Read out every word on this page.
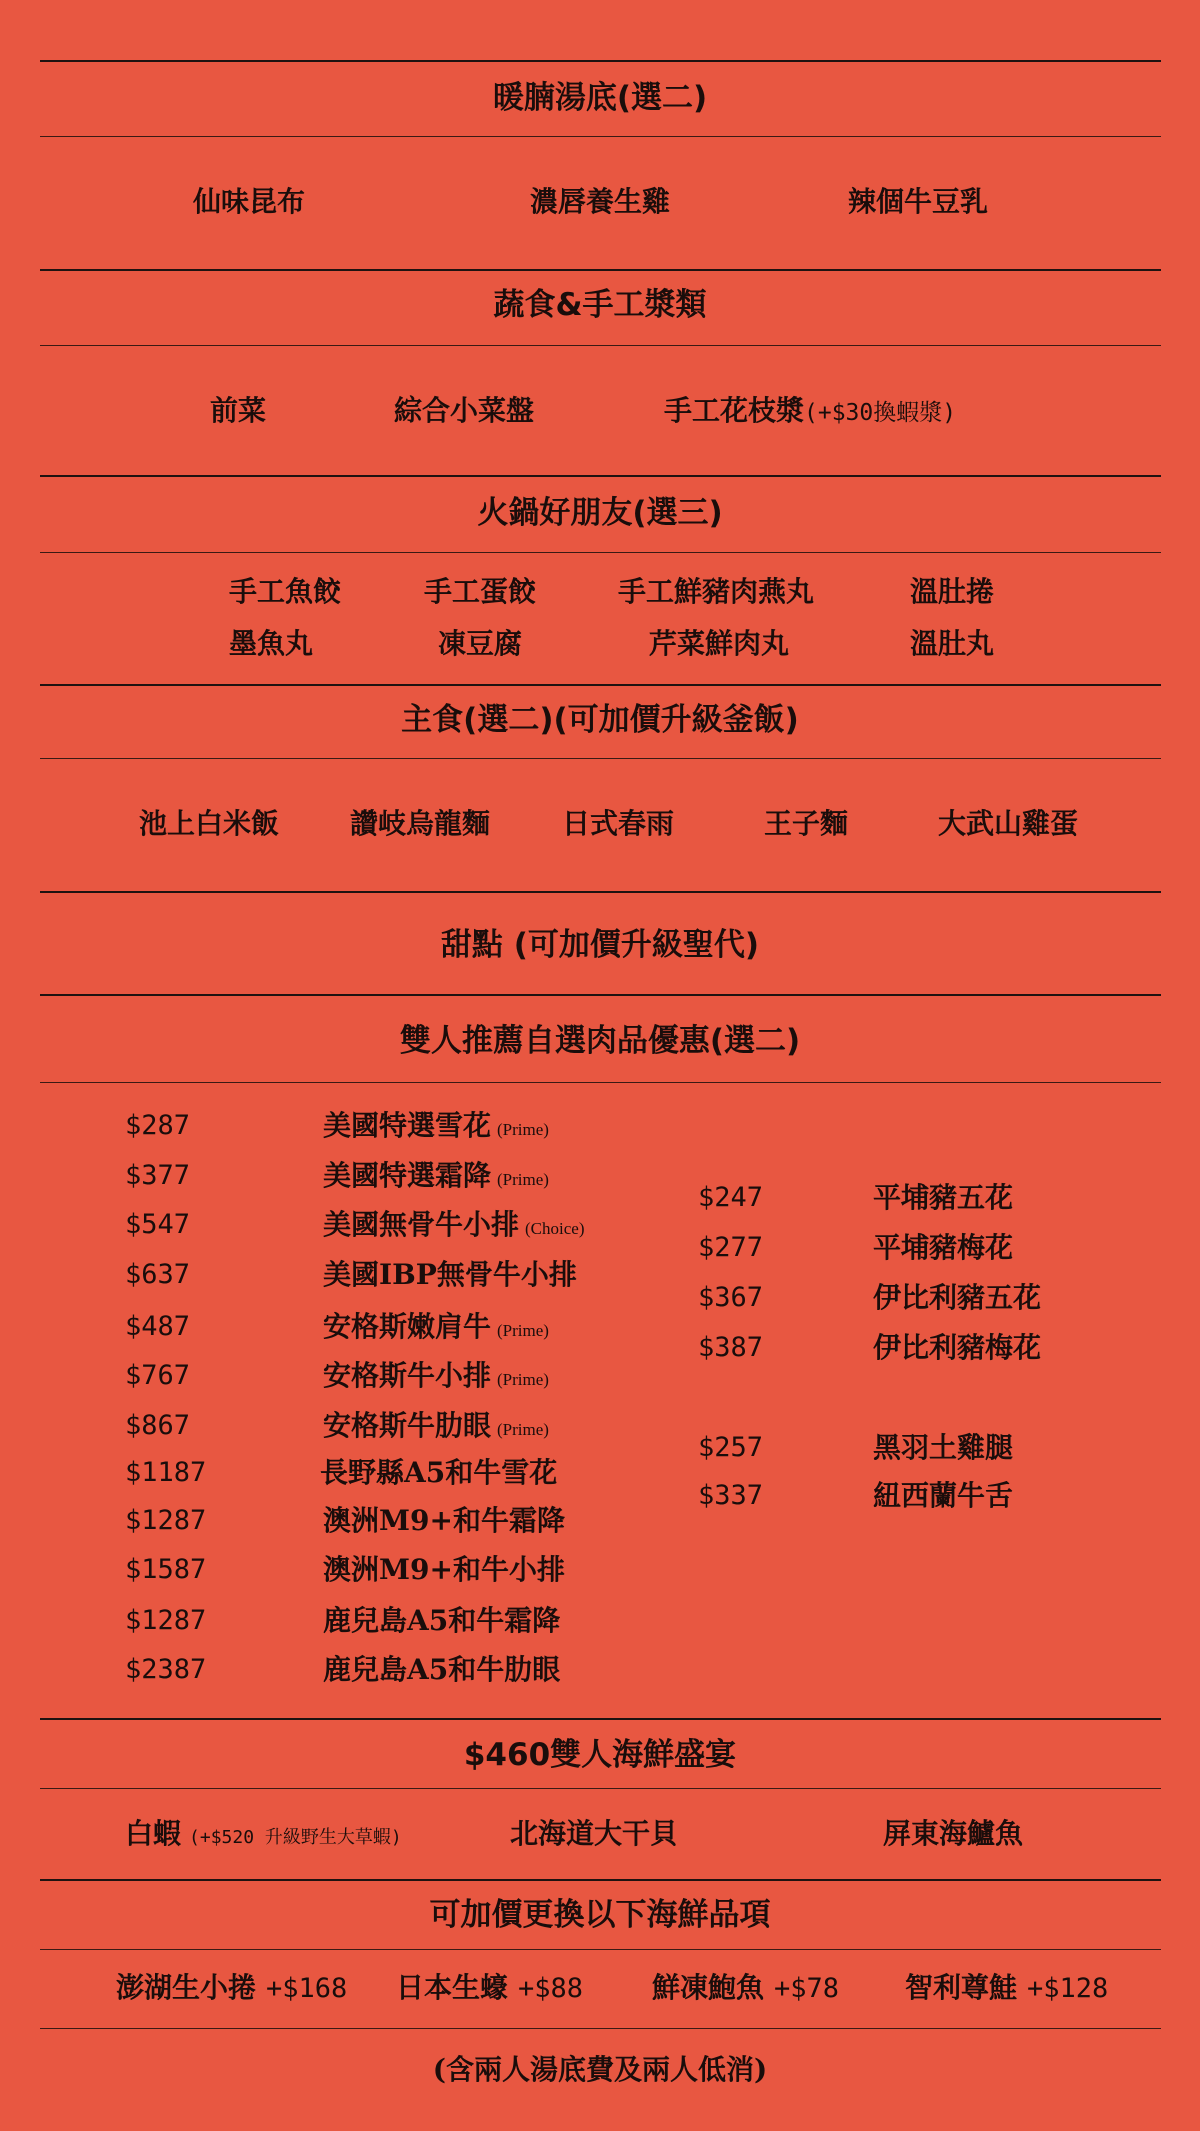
暖腩湯底(選二)
仙味昆布	濃唇養生雞	辣個牛豆乳
蔬食&手工漿類
前菜	綜合小菜盤	手工花枝漿(+$30換蝦漿)
火鍋好朋友(選三)
手工魚餃	手工蛋餃	手工鮮豬肉燕丸	溫肚捲
墨魚丸	凍豆腐	芹菜鮮肉丸	溫肚丸
主食(選二)(可加價升級釜飯)
池上白米飯	讚岐烏龍麵	日式春雨	王子麵	大武山雞蛋
甜點 (可加價升級聖代)
雙人推薦自選肉品優惠(選二)
$287	美國特選雪花 (Prime)
$377	美國特選霜降 (Prime)
$547	美國無骨牛小排 (Choice)
$637	美國IBP無骨牛小排
$487	安格斯嫩肩牛 (Prime)
$767	安格斯牛小排 (Prime)
$867	安格斯牛肋眼 (Prime)
$1187	長野縣A5和牛雪花
$1287	澳洲M9+和牛霜降
$1587	澳洲M9+和牛小排
$1287	鹿兒島A5和牛霜降
$2387	鹿兒島A5和牛肋眼
$247	平埔豬五花
$277	平埔豬梅花
$367	伊比利豬五花
$387	伊比利豬梅花
$257	黑羽土雞腿
$337	紐西蘭牛舌
$460雙人海鮮盛宴
白蝦 (+$520 升級野生大草蝦)	北海道大干貝	屏東海鱸魚
可加價更換以下海鮮品項
澎湖生小捲 +$168 日本生蠔 +$88 鮮凍鮑魚 +$78 智利尊鮭 +$128
(含兩人湯底費及兩人低消)
